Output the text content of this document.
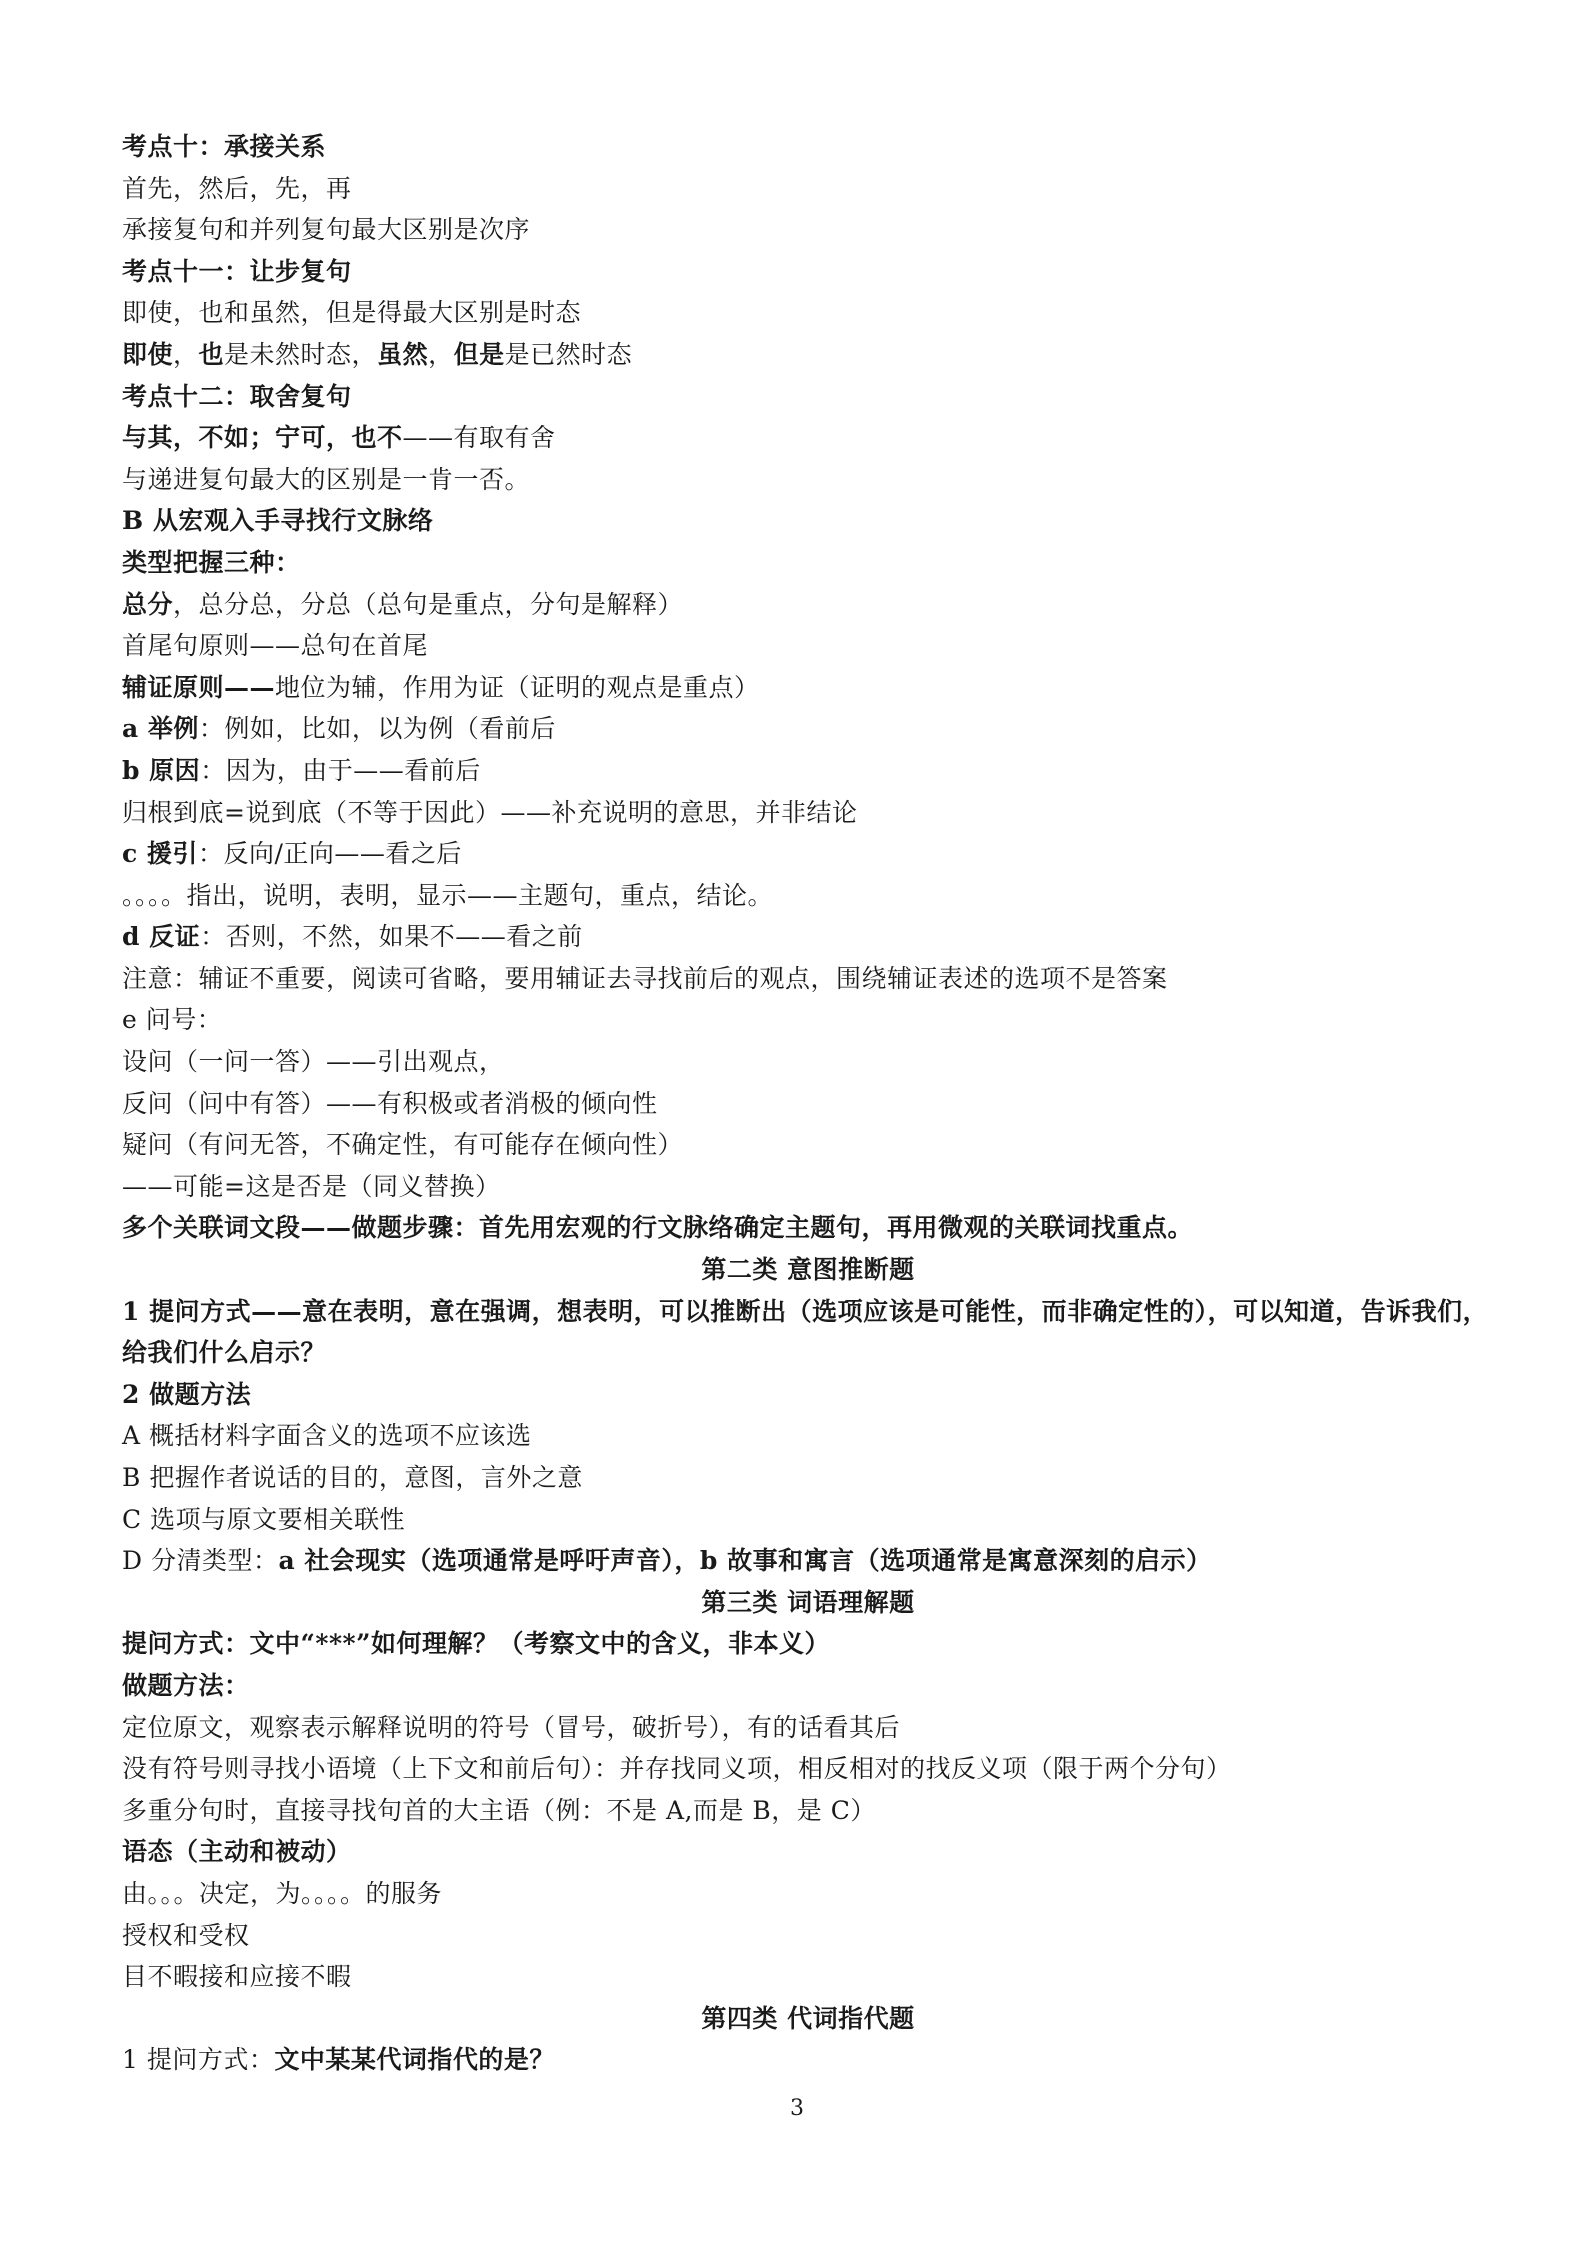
考点十：承接关系
首先，然后，先，再
承接复句和并列复句最大区别是次序
考点十一：让步复句
即使，也和虽然，但是得最大区别是时态
即使，也是未然时态，虽然，但是是已然时态
考点十二：取舍复句
与其，不如；宁可，也不——有取有舍
与递进复句最大的区别是一肯一否。
B 从宏观入手寻找行文脉络
类型把握三种：
总分，总分总，分总（总句是重点，分句是解释）
首尾句原则——总句在首尾
辅证原则——地位为辅，作用为证（证明的观点是重点）
a 举例：例如，比如，以为例（看前后
b 原因：因为，由于——看前后
归根到底=说到底（不等于因此）——补充说明的意思，并非结论
c 援引：反向/正向——看之后
。。。。指出，说明，表明，显示——主题句，重点，结论。
d 反证：否则，不然，如果不——看之前
注意：辅证不重要，阅读可省略，要用辅证去寻找前后的观点，围绕辅证表述的选项不是答案
e 问号：
设问（一问一答）——引出观点，
反问（问中有答）——有积极或者消极的倾向性
疑问（有问无答，不确定性，有可能存在倾向性）
——可能=这是否是（同义替换）
多个关联词文段——做题步骤：首先用宏观的行文脉络确定主题句，再用微观的关联词找重点。
第二类 意图推断题
1 提问方式——意在表明，意在强调，想表明，可以推断出（选项应该是可能性，而非确定性的），可以知道，告诉我们，给我们什么启示？
2 做题方法
A 概括材料字面含义的选项不应该选
B 把握作者说话的目的，意图，言外之意
C 选项与原文要相关联性
D 分清类型：a 社会现实（选项通常是呼吁声音），b 故事和寓言（选项通常是寓意深刻的启示）
第三类 词语理解题
提问方式：文中“***”如何理解？（考察文中的含义，非本义）
做题方法：
定位原文，观察表示解释说明的符号（冒号，破折号），有的话看其后
没有符号则寻找小语境（上下文和前后句）：并存找同义项，相反相对的找反义项（限于两个分句）
多重分句时，直接寻找句首的大主语（例：不是 A,而是 B，是 C）
语态（主动和被动）
由。。。决定，为。。。。的服务
授权和受权
目不暇接和应接不暇
第四类 代词指代题
1 提问方式：文中某某代词指代的是？
3
